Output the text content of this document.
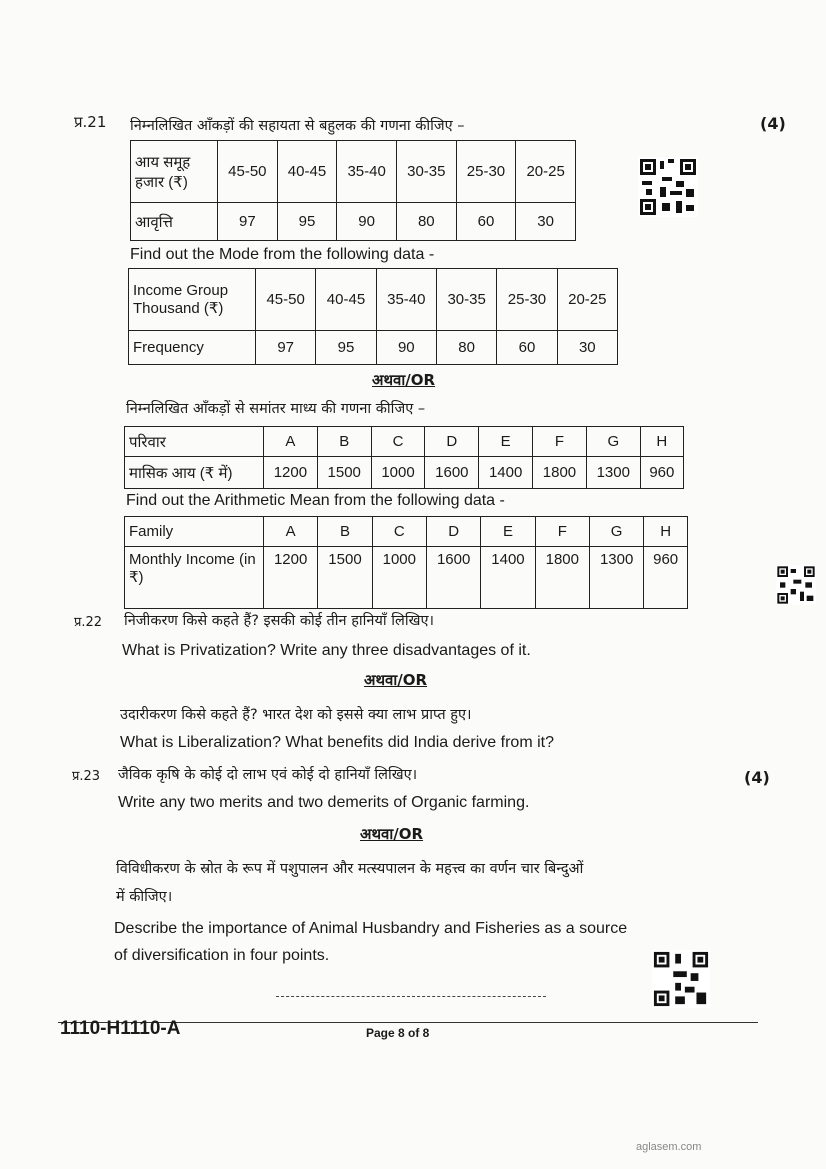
प्र.21 निम्नलिखित आँकड़ों की सहायता से बहुलक की गणना कीजिए –	(4)
आय समूह हजार (₹)	45-50	40-45	35-40	30-35	25-30	20-25
आवृत्ति	97	95	90	80	60	30
Find out the Mode from the following data -
Income Group Thousand (₹)	45-50	40-45	35-40	30-35	25-30	20-25
Frequency	97	95	90	80	60	30
अथवा/OR
निम्नलिखित आँकड़ों से समांतर माध्य की गणना कीजिए –
परिवार	A	B	C	D	E	F	G	H
मासिक आय (₹ में)	1200	1500	1000	1600	1400	1800	1300	960
Find out the Arithmetic Mean from the following data -
Family	A	B	C	D	E	F	G	H
Monthly Income (in ₹)	1200	1500	1000	1600	1400	1800	1300	960
प्र.22 निजीकरण किसे कहते हैं? इसकी कोई तीन हानियाँ लिखिए।
What is Privatization? Write any three disadvantages of it.
अथवा/OR
उदारीकरण किसे कहते हैं? भारत देश को इससे क्या लाभ प्राप्त हुए।
What is Liberalization? What benefits did India derive from it?
प्र.23 जैविक कृषि के कोई दो लाभ एवं कोई दो हानियाँ लिखिए।	(4)
Write any two merits and two demerits of Organic farming.
अथवा/OR
विविधीकरण के स्रोत के रूप में पशुपालन और मत्स्यपालन के महत्त्व का वर्णन चार बिन्दुओं
में कीजिए।
Describe the importance of Animal Husbandry and Fisheries as a source
of diversification in four points.
1110-H1110-A	Page 8 of 8
aglasem.com
